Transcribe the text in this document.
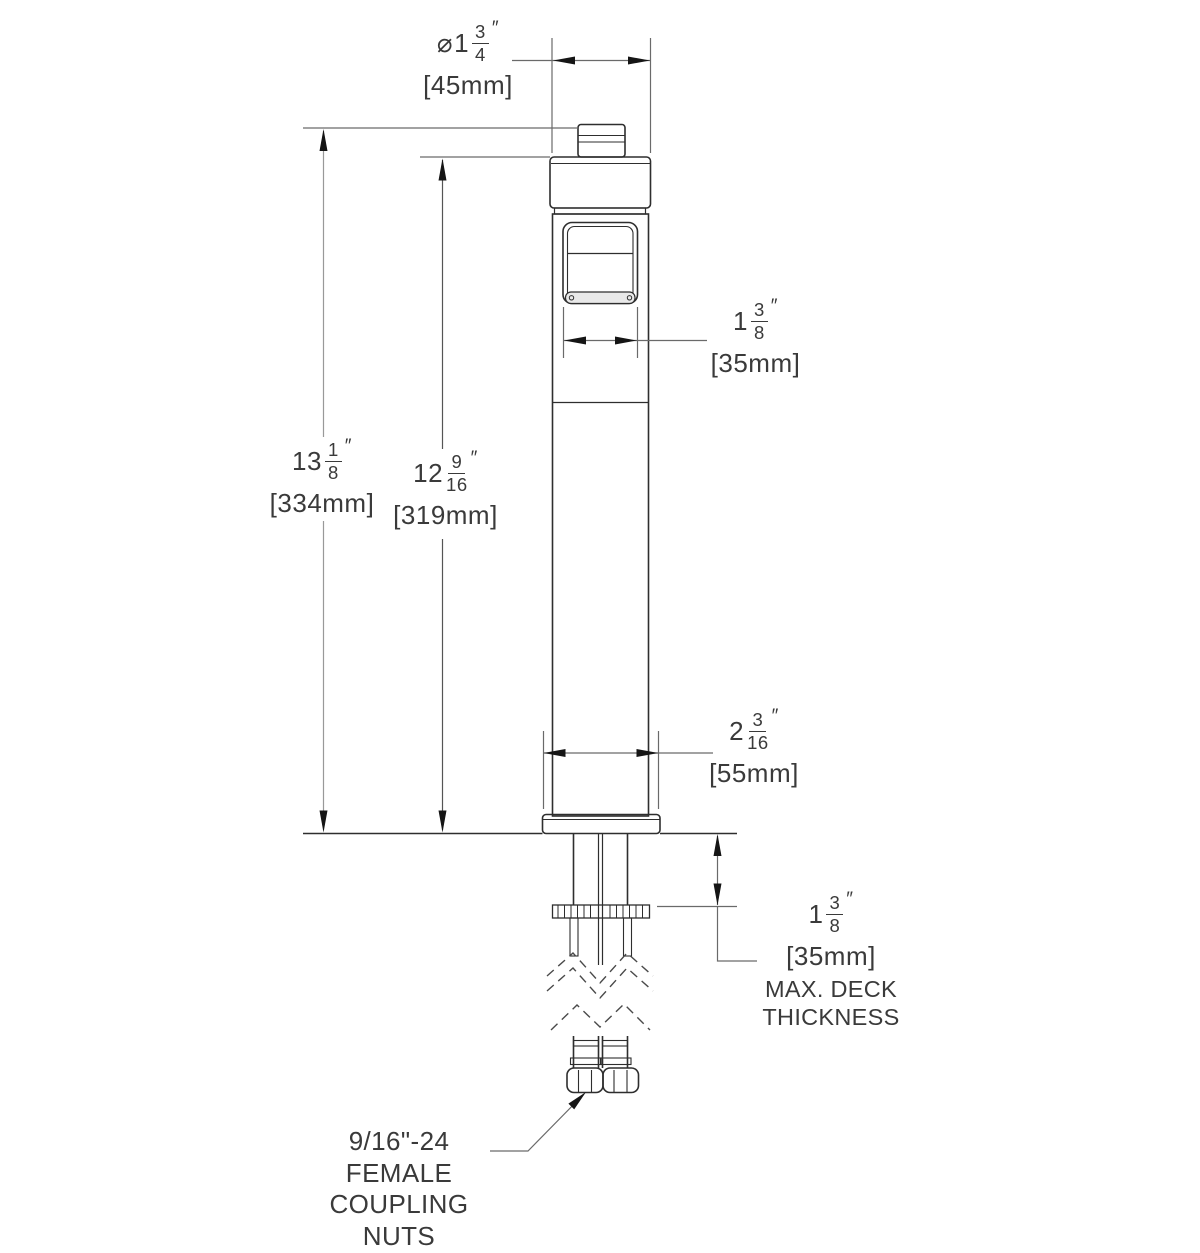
⌀ $1 \frac{3}{4}$ ″
[45mm]
$1 \frac{3}{8}$ ″
[35mm]
$13 \frac{1}{8}$ ″
[334mm]
$12 \frac{9}{16}$ ″
[319mm]
$2 \frac{3}{16}$ ″
[55mm]
$1 \frac{3}{8}$ ″
[35mm]
MAX. DECK
THICKNESS
9/16"-24 FEMALE
COUPLING NUTS
